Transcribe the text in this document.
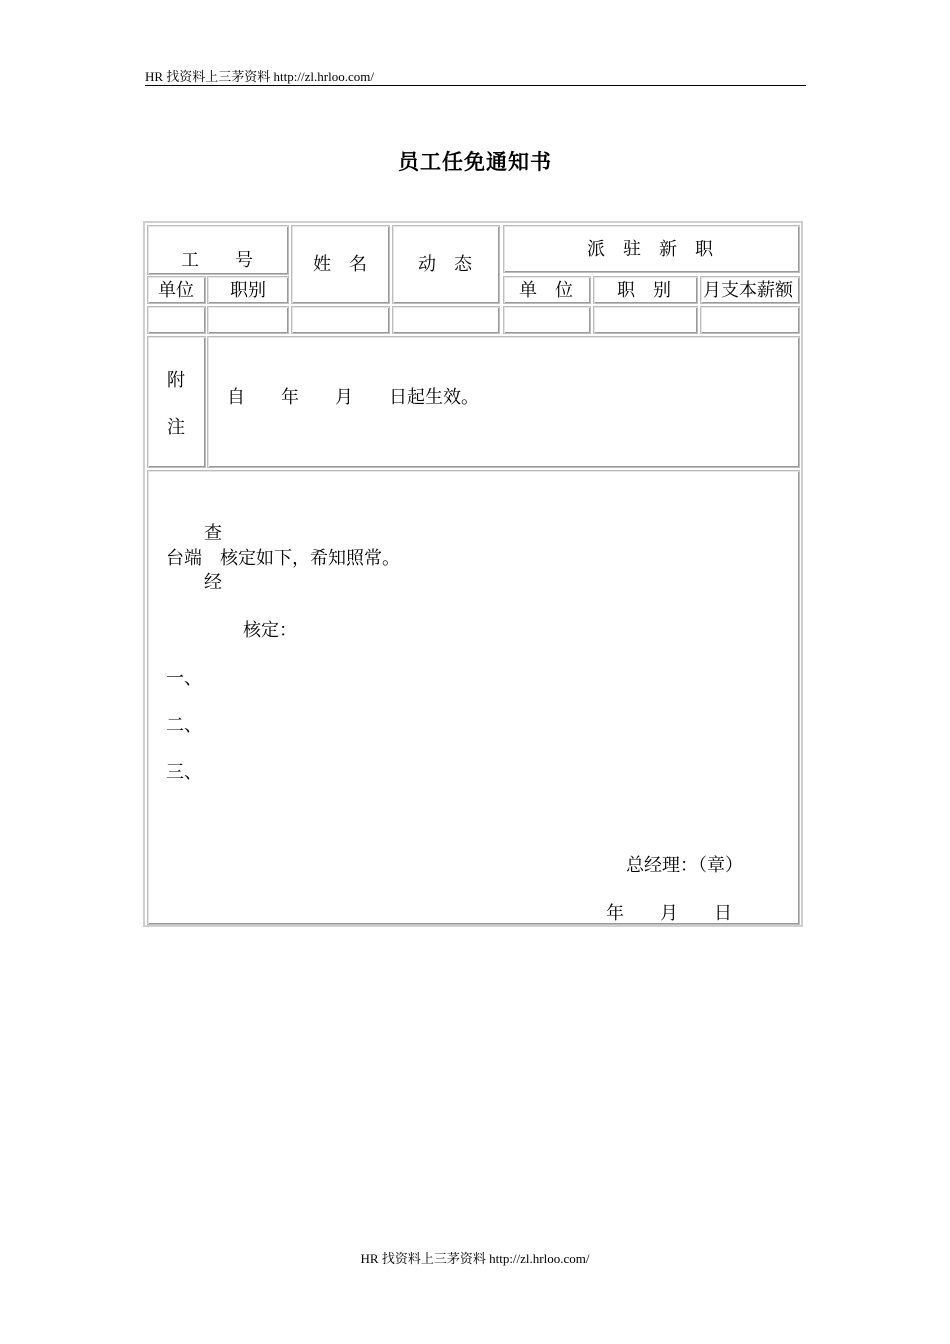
HR 找资料上三茅资料 http://zl.hrloo.com/
员工任免通知书
工　　号
单位 职别
姓　名	动　态
派　驻　新　职
单　位 职　别 月支本薪额
附
注
自　　年　　月　　日起生效。
查
台端　核定如下，希知照常。
经
核定：
一、
二、
三、
总经理：（章）
年　　月　　日
HR 找资料上三茅资料 http://zl.hrloo.com/
